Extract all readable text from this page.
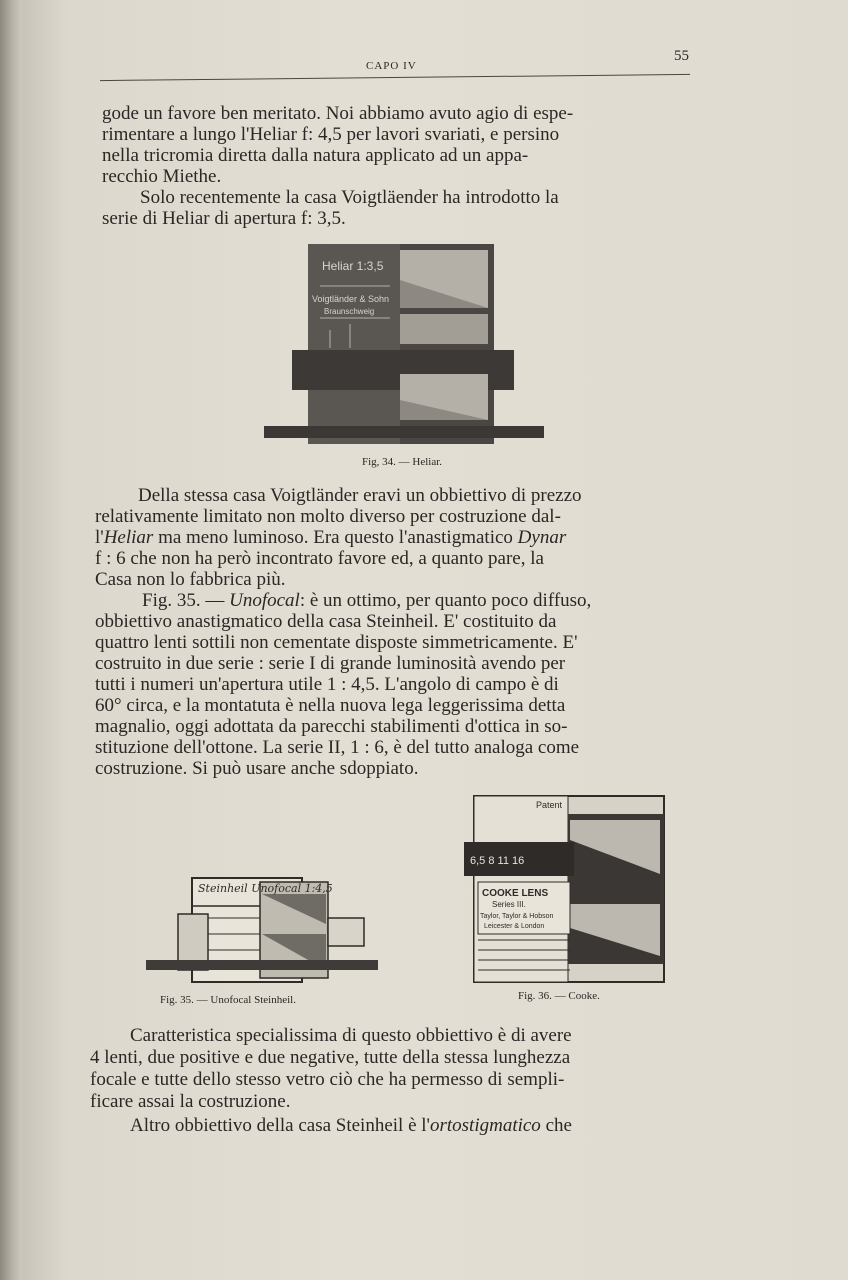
CAPO IV
55
gode un favore ben meritato. Noi abbiamo avuto agio di espe-
rimentare a lungo l'Heliar f: 4,5 per lavori svariati, e persino
nella tricromia diretta dalla natura applicato ad un appa-
recchio Miethe.
Solo recentemente la casa Voigtläender ha introdotto la
serie di Heliar di apertura f: 3,5.
Heliar 1:3,5
Voigtländer & Sohn
Braunschweig
Fig, 34. — Heliar.
Della stessa casa Voigtländer eravi un obbiettivo di prezzo
relativamente limitato non molto diverso per costruzione dal-
l'Heliar ma meno luminoso. Era questo l'anastigmatico Dynar
f : 6 che non ha però incontrato favore ed, a quanto pare, la
Casa non lo fabbrica più.
Fig. 35. — Unofocal: è un ottimo, per quanto poco diffuso,
obbiettivo anastigmatico della casa Steinheil. E' costituito da
quattro lenti sottili non cementate disposte simmetricamente. E'
costruito in due serie : serie I di grande luminosità avendo per
tutti i numeri un'apertura utile 1 : 4,5. L'angolo di campo è di
60° circa, e la montatuta è nella nuova lega leggerissima detta
magnalio, oggi adottata da parecchi stabilimenti d'ottica in so-
stituzione dell'ottone. La serie II, 1 : 6, è del tutto analoga come
costruzione. Si può usare anche sdoppiato.
Steinheil Unofocal 1:4,5
Fig. 35. — Unofocal Steinheil.
Patent
6,5 8 11 16
COOKE LENS
Series III.
Taylor, Taylor & Hobson
Leicester & London
Fig. 36. — Cooke.
Caratteristica specialissima di questo obbiettivo è di avere
4 lenti, due positive e due negative, tutte della stessa lunghezza
focale e tutte dello stesso vetro ciò che ha permesso di sempli-
ficare assai la costruzione.
Altro obbiettivo della casa Steinheil è l'ortostigmatico che
